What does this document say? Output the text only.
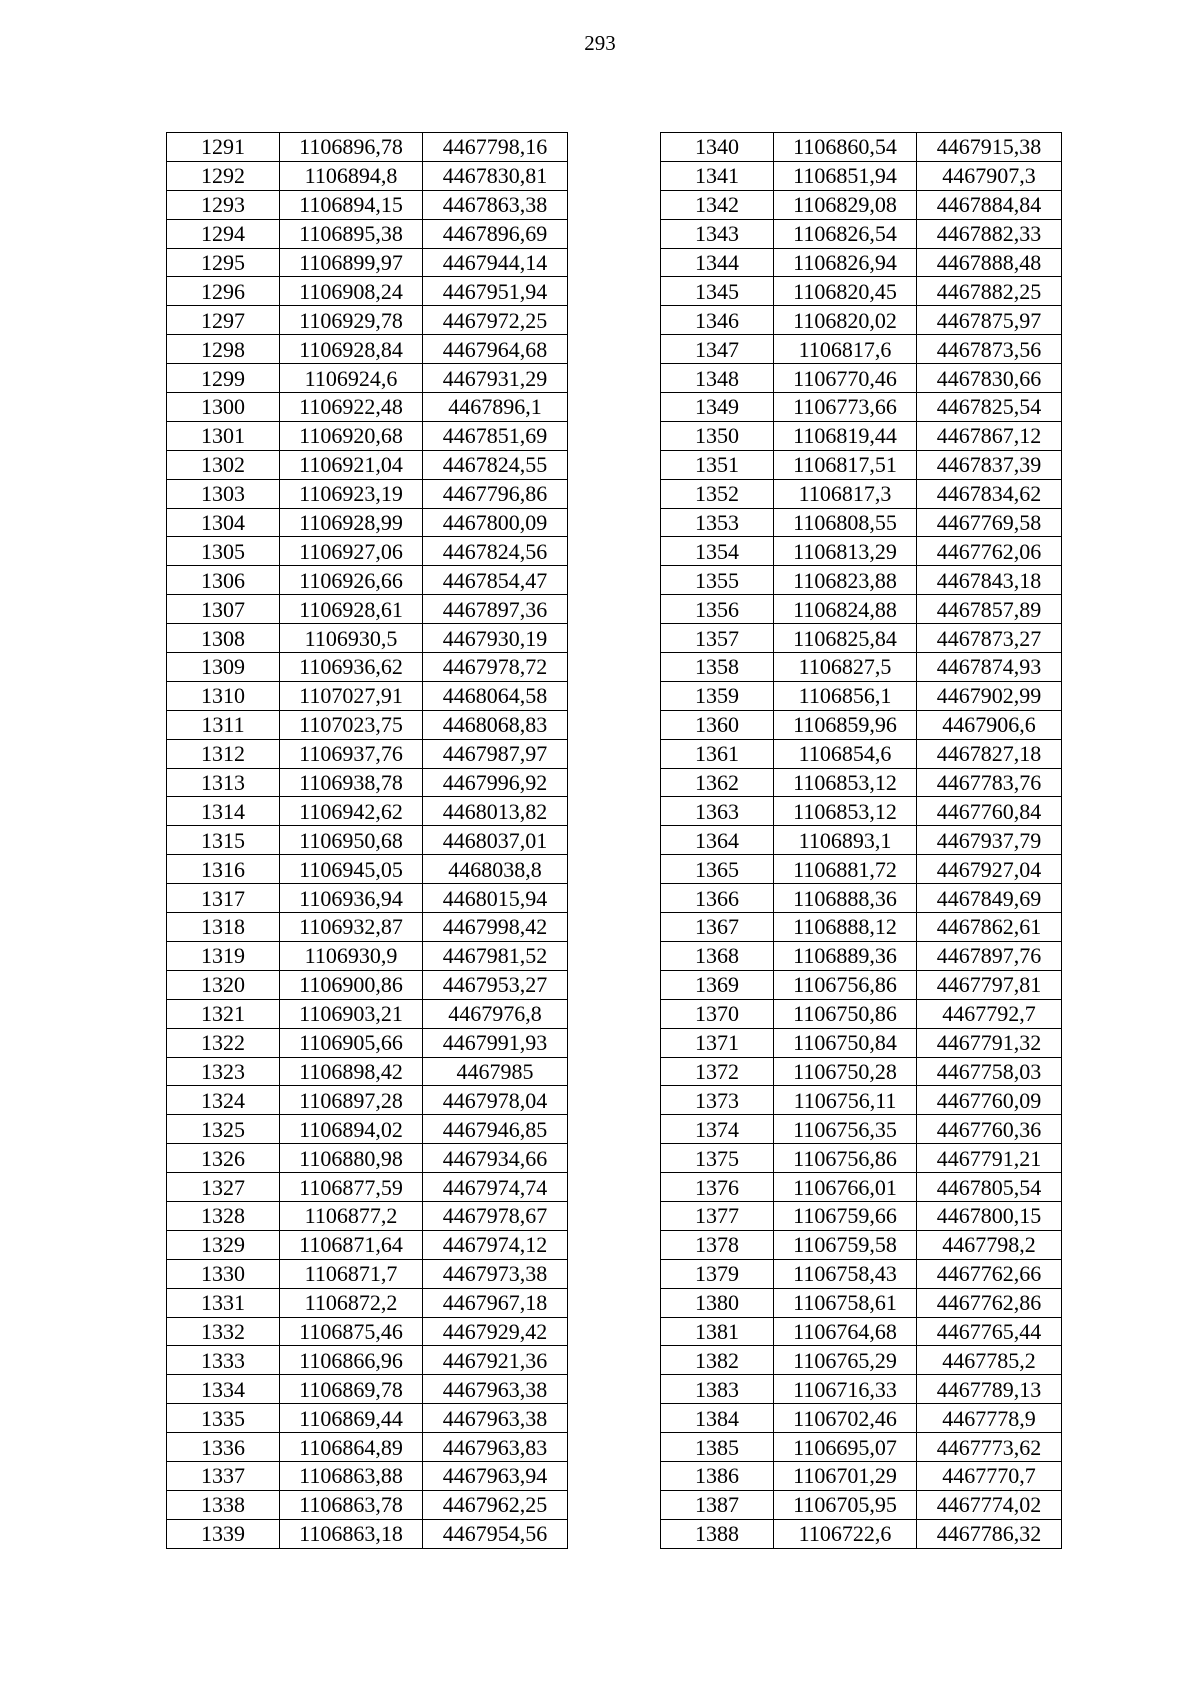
293
1291	1106896,78	4467798,16
1292	1106894,8	4467830,81
1293	1106894,15	4467863,38
1294	1106895,38	4467896,69
1295	1106899,97	4467944,14
1296	1106908,24	4467951,94
1297	1106929,78	4467972,25
1298	1106928,84	4467964,68
1299	1106924,6	4467931,29
1300	1106922,48	4467896,1
1301	1106920,68	4467851,69
1302	1106921,04	4467824,55
1303	1106923,19	4467796,86
1304	1106928,99	4467800,09
1305	1106927,06	4467824,56
1306	1106926,66	4467854,47
1307	1106928,61	4467897,36
1308	1106930,5	4467930,19
1309	1106936,62	4467978,72
1310	1107027,91	4468064,58
1311	1107023,75	4468068,83
1312	1106937,76	4467987,97
1313	1106938,78	4467996,92
1314	1106942,62	4468013,82
1315	1106950,68	4468037,01
1316	1106945,05	4468038,8
1317	1106936,94	4468015,94
1318	1106932,87	4467998,42
1319	1106930,9	4467981,52
1320	1106900,86	4467953,27
1321	1106903,21	4467976,8
1322	1106905,66	4467991,93
1323	1106898,42	4467985
1324	1106897,28	4467978,04
1325	1106894,02	4467946,85
1326	1106880,98	4467934,66
1327	1106877,59	4467974,74
1328	1106877,2	4467978,67
1329	1106871,64	4467974,12
1330	1106871,7	4467973,38
1331	1106872,2	4467967,18
1332	1106875,46	4467929,42
1333	1106866,96	4467921,36
1334	1106869,78	4467963,38
1335	1106869,44	4467963,38
1336	1106864,89	4467963,83
1337	1106863,88	4467963,94
1338	1106863,78	4467962,25
1339	1106863,18	4467954,56
1340	1106860,54	4467915,38
1341	1106851,94	4467907,3
1342	1106829,08	4467884,84
1343	1106826,54	4467882,33
1344	1106826,94	4467888,48
1345	1106820,45	4467882,25
1346	1106820,02	4467875,97
1347	1106817,6	4467873,56
1348	1106770,46	4467830,66
1349	1106773,66	4467825,54
1350	1106819,44	4467867,12
1351	1106817,51	4467837,39
1352	1106817,3	4467834,62
1353	1106808,55	4467769,58
1354	1106813,29	4467762,06
1355	1106823,88	4467843,18
1356	1106824,88	4467857,89
1357	1106825,84	4467873,27
1358	1106827,5	4467874,93
1359	1106856,1	4467902,99
1360	1106859,96	4467906,6
1361	1106854,6	4467827,18
1362	1106853,12	4467783,76
1363	1106853,12	4467760,84
1364	1106893,1	4467937,79
1365	1106881,72	4467927,04
1366	1106888,36	4467849,69
1367	1106888,12	4467862,61
1368	1106889,36	4467897,76
1369	1106756,86	4467797,81
1370	1106750,86	4467792,7
1371	1106750,84	4467791,32
1372	1106750,28	4467758,03
1373	1106756,11	4467760,09
1374	1106756,35	4467760,36
1375	1106756,86	4467791,21
1376	1106766,01	4467805,54
1377	1106759,66	4467800,15
1378	1106759,58	4467798,2
1379	1106758,43	4467762,66
1380	1106758,61	4467762,86
1381	1106764,68	4467765,44
1382	1106765,29	4467785,2
1383	1106716,33	4467789,13
1384	1106702,46	4467778,9
1385	1106695,07	4467773,62
1386	1106701,29	4467770,7
1387	1106705,95	4467774,02
1388	1106722,6	4467786,32
